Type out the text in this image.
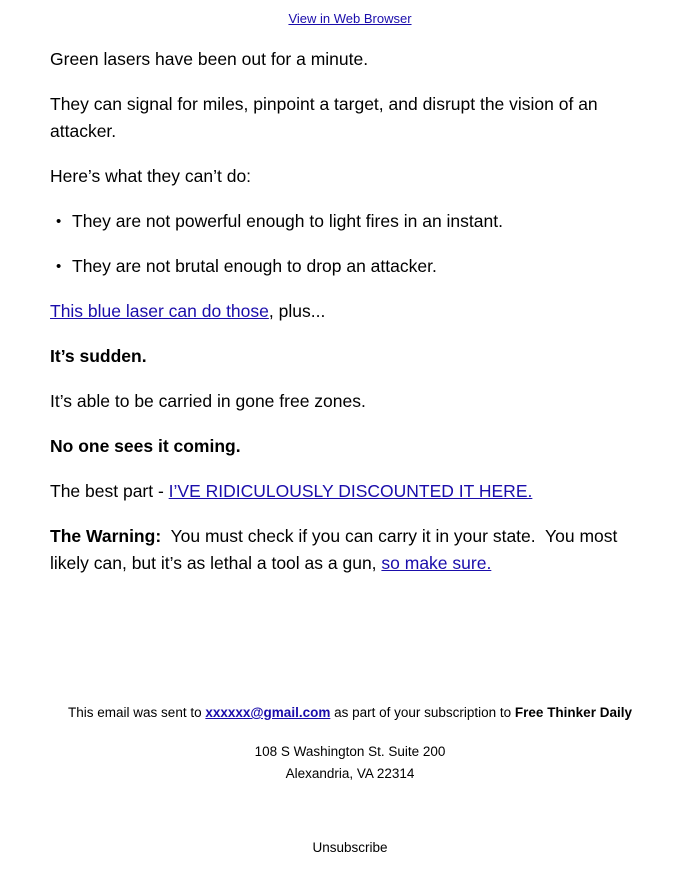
View in Web Browser

Green lasers have been out for a minute.

They can signal for miles, pinpoint a target, and disrupt the vision of an attacker.

Here’s what they can’t do:

• They are not powerful enough to light fires in an instant.
• They are not brutal enough to drop an attacker.

This blue laser can do those, plus...

It’s sudden.

It’s able to be carried in gone free zones.

No one sees it coming.

The best part - I’VE RIDICULOUSLY DISCOUNTED IT HERE.

The Warning:  You must check if you can carry it in your state.  You most likely can, but it’s as lethal a tool as a gun, so make sure.

This email was sent to xxxxxx@gmail.com as part of your subscription to Free Thinker Daily
108 S Washington St. Suite 200
Alexandria, VA 22314
Unsubscribe
